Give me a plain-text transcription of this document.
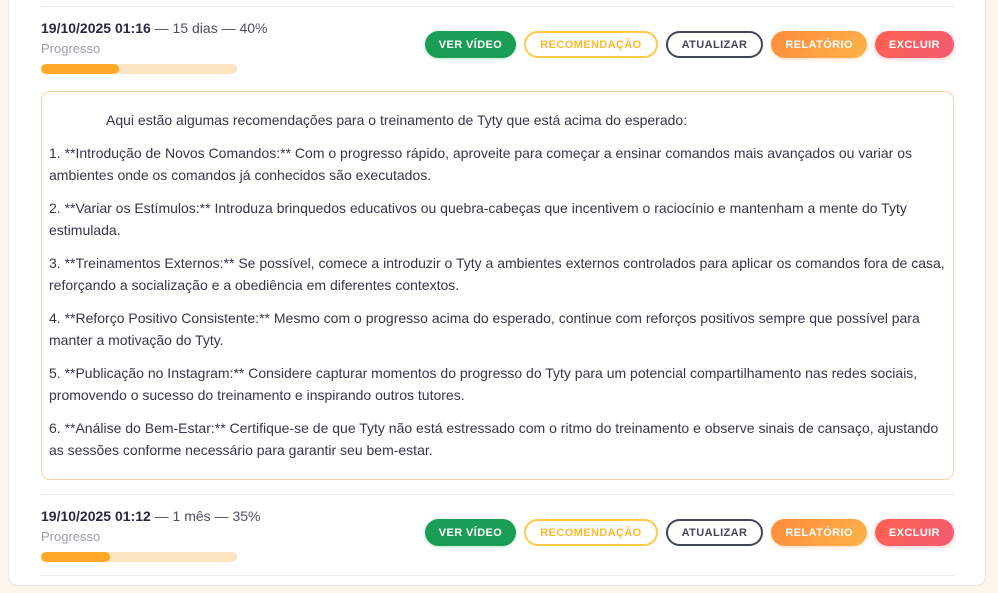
19/10/2025 01:16 — 15 dias — 40%
Progresso	VER VÍDEO	RECOMENDAÇÃO	ATUALIZAR	RELATÓRIO	EXCLUIR

Aqui estão algumas recomendações para o treinamento de Tyty que está acima do esperado:

1. **Introdução de Novos Comandos:** Com o progresso rápido, aproveite para começar a ensinar comandos mais avançados ou variar os ambientes onde os comandos já conhecidos são executados.

2. **Variar os Estímulos:** Introduza brinquedos educativos ou quebra-cabeças que incentivem o raciocínio e mantenham a mente do Tyty estimulada.

3. **Treinamentos Externos:** Se possível, comece a introduzir o Tyty a ambientes externos controlados para aplicar os comandos fora de casa, reforçando a socialização e a obediência em diferentes contextos.

4. **Reforço Positivo Consistente:** Mesmo com o progresso acima do esperado, continue com reforços positivos sempre que possível para manter a motivação do Tyty.

5. **Publicação no Instagram:** Considere capturar momentos do progresso do Tyty para um potencial compartilhamento nas redes sociais, promovendo o sucesso do treinamento e inspirando outros tutores.

6. **Análise do Bem-Estar:** Certifique-se de que Tyty não está estressado com o ritmo do treinamento e observe sinais de cansaço, ajustando as sessões conforme necessário para garantir seu bem-estar.

19/10/2025 01:12 — 1 mês — 35%
Progresso	VER VÍDEO	RECOMENDAÇÃO	ATUALIZAR	RELATÓRIO	EXCLUIR
